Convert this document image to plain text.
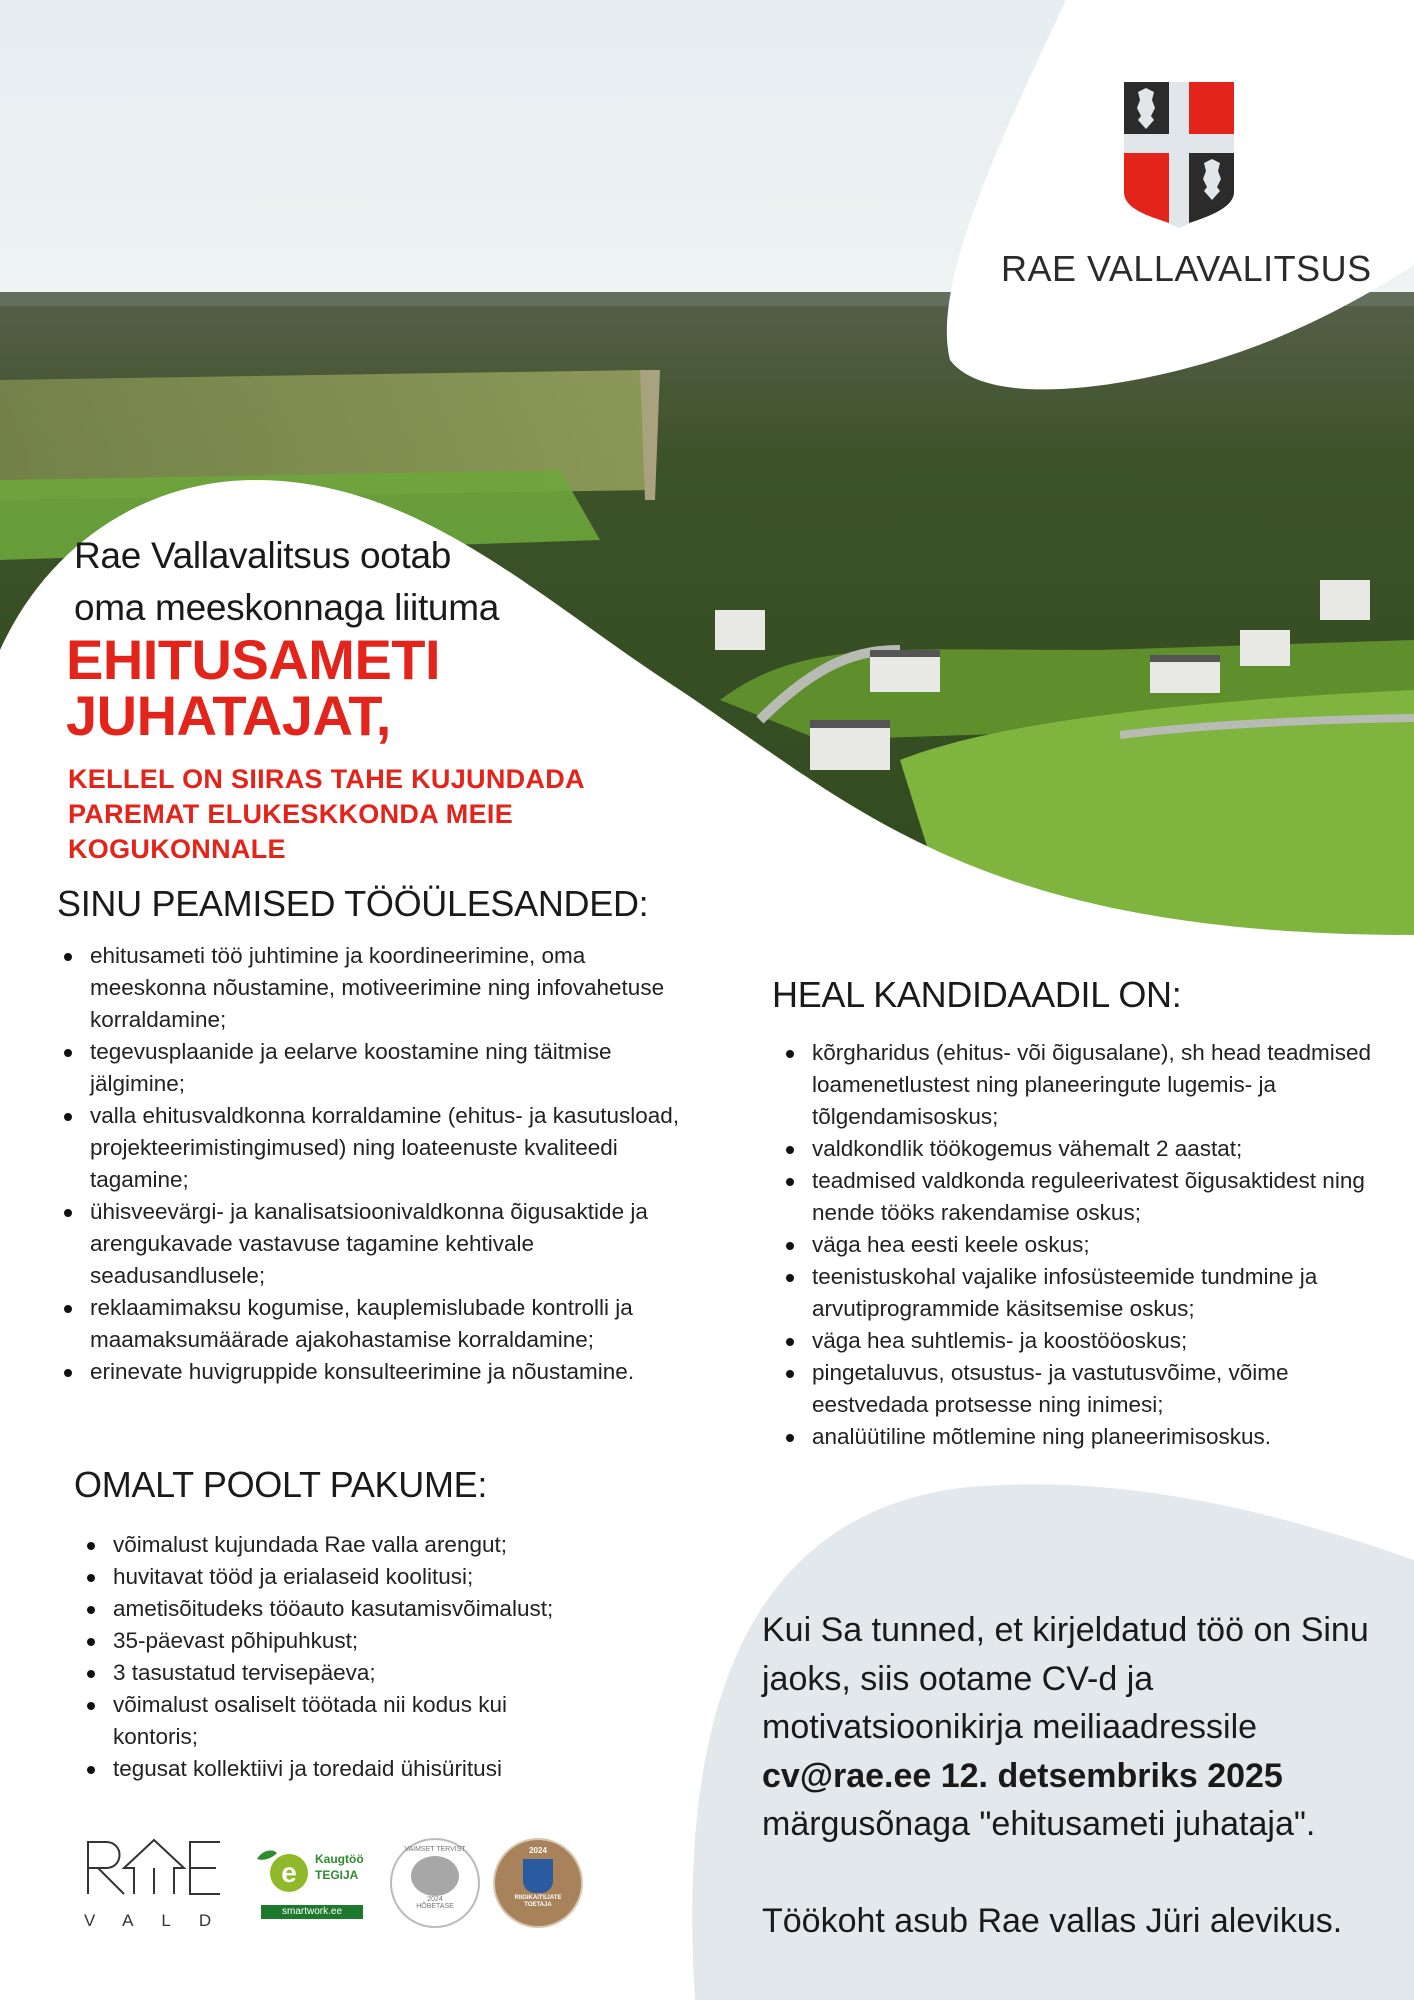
RAE VALLAVALITSUS
Rae Vallavalitsus ootab
oma meeskonnaga liituma
EHITUSAMETI
JUHATAJAT,
KELLEL ON SIIRAS TAHE KUJUNDADA
PAREMAT ELUKESKKONDA MEIE
KOGUKONNALE
SINU PEAMISED TÖÖÜLESANDED:
ehitusameti töö juhtimine ja koordineerimine, oma meeskonna nõustamine, motiveerimine ning infovahetuse korraldamine;
tegevusplaanide ja eelarve koostamine ning täitmise jälgimine;
valla ehitusvaldkonna korraldamine (ehitus- ja kasutusload, projekteerimistingimused) ning loateenuste kvaliteedi tagamine;
ühisveevärgi- ja kanalisatsioonivaldkonna õigusaktide ja arengukavade vastavuse tagamine kehtivale seadusandlusele;
reklaamimaksu kogumise, kauplemislubade kontrolli ja maamaksumäärade ajakohastamise korraldamine;
erinevate huvigruppide konsulteerimine ja nõustamine.
HEAL KANDIDAADIL ON:
kõrgharidus (ehitus- või õigusalane), sh head teadmised loamenetlustest ning planeeringute lugemis- ja tõlgendamisoskus;
valdkondlik töökogemus vähemalt 2 aastat;
teadmised valdkonda reguleerivatest õigusaktidest ning nende tööks rakendamise oskus;
väga hea eesti keele oskus;
teenistuskohal vajalike infosüsteemide tundmine ja arvutiprogrammide käsitsemise oskus;
väga hea suhtlemis- ja koostööoskus;
pingetaluvus, otsustus- ja vastutusvõime, võime eestvedada protsesse ning inimesi;
analüütiline mõtlemine ning planeerimisoskus.
OMALT POOLT PAKUME:
võimalust kujundada Rae valla arengut;
huvitavat tööd ja erialaseid koolitusi;
ametisõitudeks tööauto kasutamisvõimalust;
35-päevast põhipuhkust;
3 tasustatud tervisepäeva;
võimalust osaliselt töötada nii kodus kui kontoris;
tegusat kollektiivi ja toredaid ühisüritusi
Kui Sa tunned, et kirjeldatud töö on Sinu jaoks, siis ootame CV-d ja motivatsioonikirja meiliaadressile
cv@rae.ee 12. detsembriks 2025
märgusõnaga "ehitusameti juhataja".
Töökoht asub Rae vallas Jüri alevikus.
VALD
e Kaugtöö
TEGIJA
smartwork.ee
VAIMSET TERVIST
2024
HÕBETASE
2024
RIIGIKAITSJATE TOETAJA
